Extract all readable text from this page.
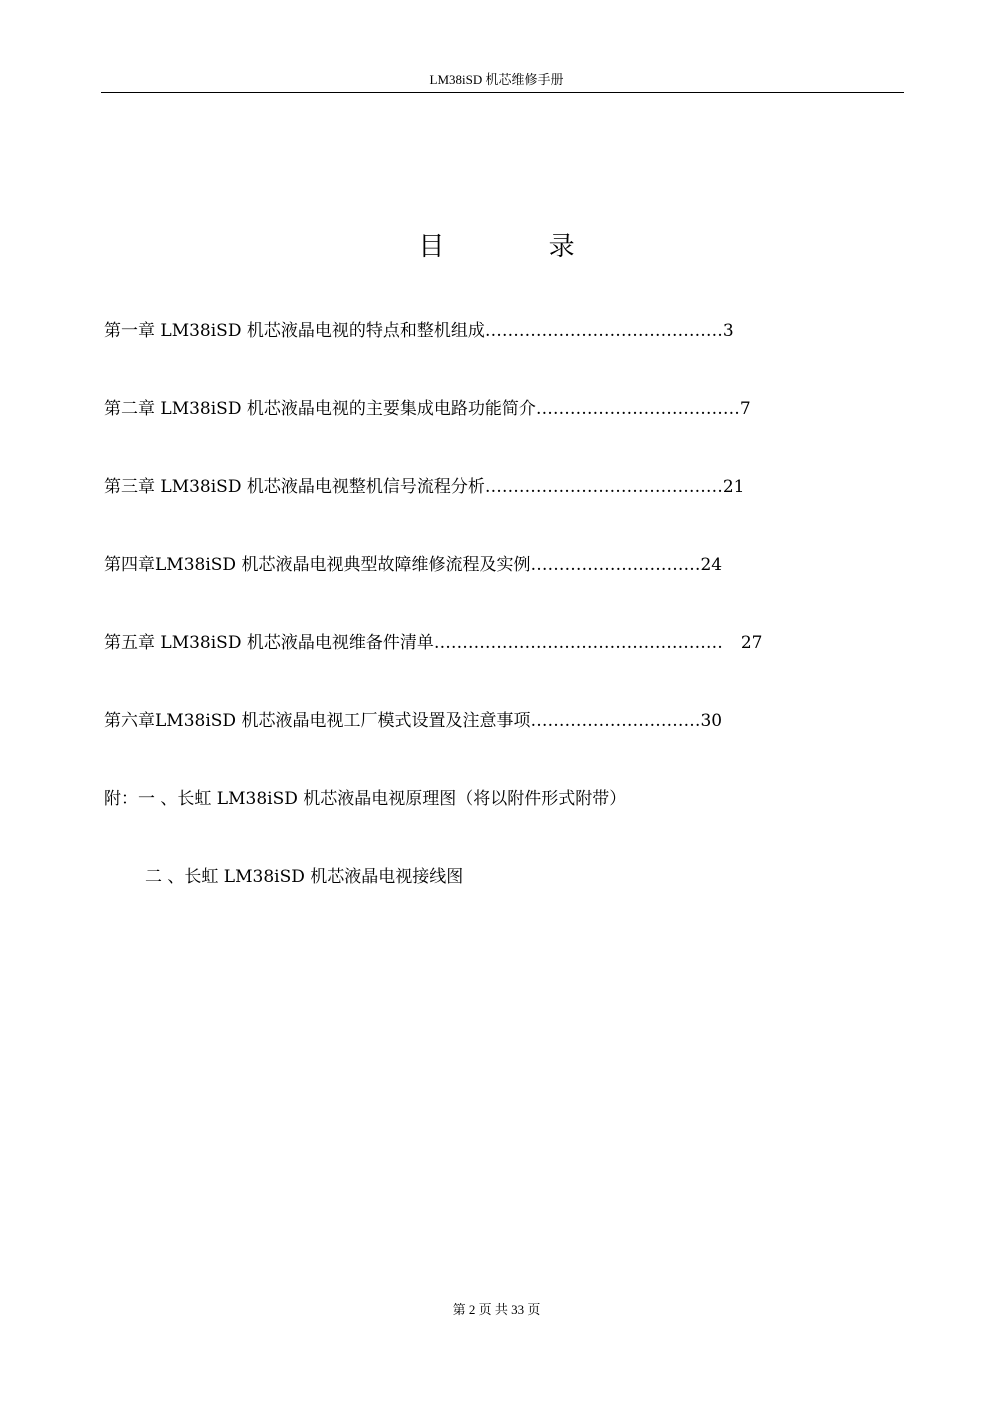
LM38iSD 机芯维修手册
目 录
第一章 LM38iSD 机芯液晶电视的特点和整机组成……………………………………3
第二章 LM38iSD 机芯液晶电视的主要集成电路功能简介………………………………7
第三章 LM38iSD 机芯液晶电视整机信号流程分析……………………………………21
第四章LM38iSD 机芯液晶电视典型故障维修流程及实例…………………………24
第五章 LM38iSD 机芯液晶电视维备件清单…………………………………………… 27
第六章LM38iSD 机芯液晶电视工厂模式设置及注意事项…………………………30
附：一 、长虹 LM38iSD 机芯液晶电视原理图（将以附件形式附带）
二 、长虹 LM38iSD 机芯液晶电视接线图
第 2 页 共 33 页
